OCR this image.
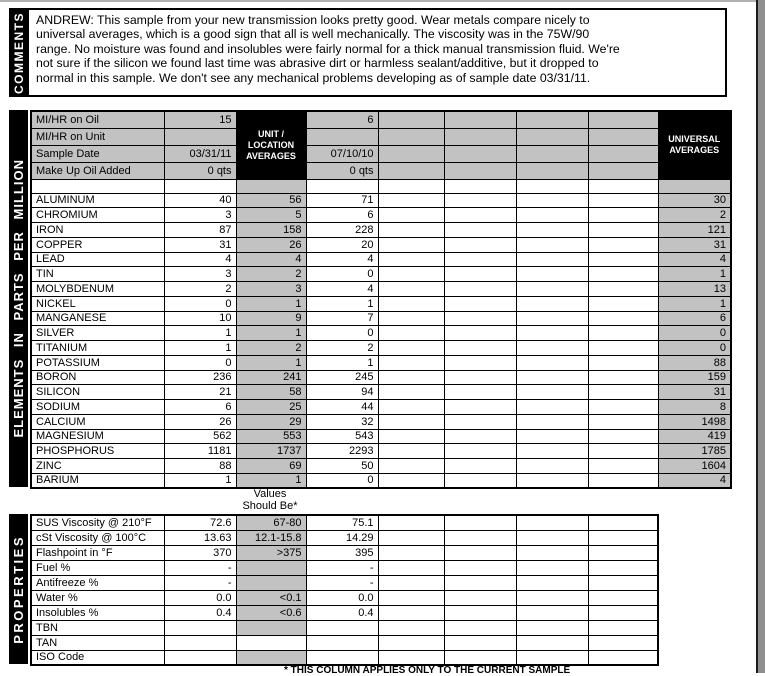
COMMENTS ANDREW: This sample from your new transmission looks pretty good. Wear metals compare nicely to
universal averages, which is a good sign that all is well mechanically. The viscosity was in the 75W/90
range. No moisture was found and insolubles were fairly normal for a thick manual transmission fluid. We're
not sure if the silicon we found last time was abrasive dirt or harmless sealant/additive, but it dropped to
normal in this sample. We don't see any mechanical problems developing as of sample date 03/31/11.
ELEMENTS IN PARTS PER MILLION
MI/HR on Oil	15	UNIT / LOCATION AVERAGES	6					UNIVERSAL AVERAGES
MI/HR on Unit								
Sample Date	03/31/11		07/10/10					
Make Up Oil Added	0 qts		0 qts					

ALUMINUM	40	56	71					30
CHROMIUM	3	5	6					2
IRON	87	158	228					121
COPPER	31	26	20					31
LEAD	4	4	4					4
TIN	3	2	0					1
MOLYBDENUM	2	3	4					13
NICKEL	0	1	1					1
MANGANESE	10	9	7					6
SILVER	1	1	0					0
TITANIUM	1	2	2					0
POTASSIUM	0	1	1					88
BORON	236	241	245					159
SILICON	21	58	94					31
SODIUM	6	25	44					8
CALCIUM	26	29	32					1498
MAGNESIUM	562	553	543					419
PHOSPHORUS	1181	1737	2293					1785
ZINC	88	69	50					1604
BARIUM	1	1	0					4
Values
Should Be*
PROPERTIES
SUS Viscosity @ 210°F	72.6	67-80	75.1				
cSt Viscosity @ 100°C	13.63	12.1-15.8	14.29				
Flashpoint in °F	370	>375	395				
Fuel %	-		-				
Antifreeze %	-		-				
Water %	0.0	<0.1	0.0				
Insolubles %	0.4	<0.6	0.4				
TBN							
TAN							
ISO Code							
* THIS COLUMN APPLIES ONLY TO THE CURRENT SAMPLE
